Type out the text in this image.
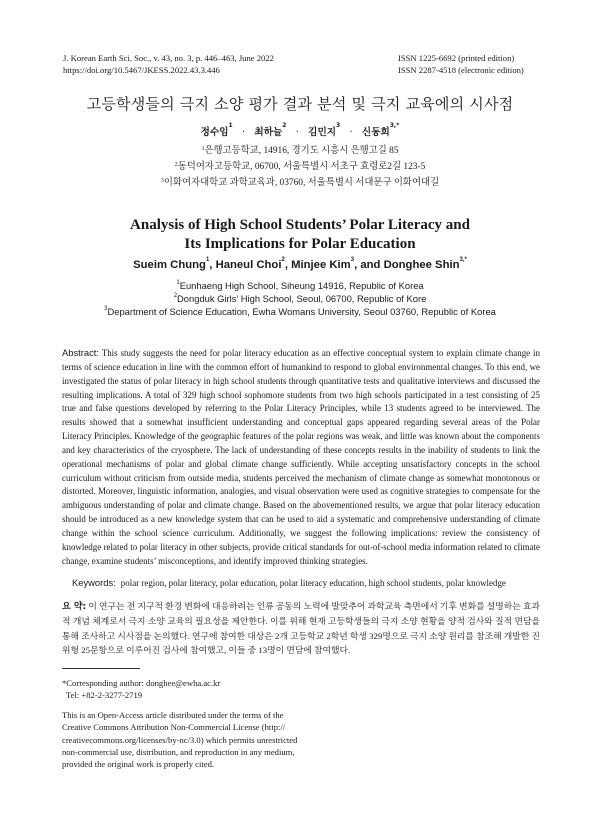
J. Korean Earth Sci. Soc., v. 43, no. 3, p. 446–463, June 2022
https://doi.org/10.5467/JKESS.2022.43.3.446
ISSN 1225-6692 (printed edition)
ISSN 2287-4518 (electronic edition)
고등학생들의 극지 소양 평가 결과 분석 및 극지 교육에의 시사점
정수임$^1$ · 최하늘$^2$ · 김민지$^3$ · 신동희$^{3,*}$
$^1$은행고등학교, 14916, 경기도 시흥시 은행고길 85
$^2$동덕여자고등학교, 06700, 서울특별시 서초구 효령로2길 123-5
$^3$이화여자대학교 과학교육과, 03760, 서울특별시 서대문구 이화여대길
Analysis of High School Students’ Polar Literacy and
Its Implications for Polar Education
Sueim Chung$^1$, Haneul Choi$^2$, Minjee Kim$^3$, and Donghee Shin$^{3,*}$
$^1$Eunhaeng High School, Siheung 14916, Republic of Korea
$^2$Dongduk Girls’ High School, Seoul, 06700, Republic of Kore
$^3$Department of Science Education, Ewha Womans University, Seoul 03760, Republic of Korea
Abstract: This study suggests the need for polar literacy education as an effective conceptual system to explain climate change in terms of science education in line with the common effort of humankind to respond to global environmental changes. To this end, we investigated the status of polar literacy in high school students through quantitative tests and qualitative interviews and discussed the resulting implications. A total of 329 high school sophomore students from two high schools participated in a test consisting of 25 true and false questions developed by referring to the Polar Literacy Principles, while 13 students agreed to be interviewed. The results showed that a somewhat insufficient understanding and conceptual gaps appeared regarding several areas of the Polar Literacy Principles. Knowledge of the geographic features of the polar regions was weak, and little was known about the components and key characteristics of the cryosphere. The lack of understanding of these concepts results in the inability of students to link the operational mechanisms of polar and global climate change sufficiently. While accepting unsatisfactory concepts in the school curriculum without criticism from outside media, students perceived the mechanism of climate change as somewhat monotonous or distorted. Moreover, linguistic information, analogies, and visual observation were used as cognitive strategies to compensate for the ambiguous understanding of polar and climate change. Based on the abovementioned results, we argue that polar literacy education should be introduced as a new knowledge system that can be used to aid a systematic and comprehensive understanding of climate change within the school science curriculum. Additionally, we suggest the following implications: review the consistency of knowledge related to polar literacy in other subjects, provide critical standards for out-of-school media information related to climate change, examine students’ misconceptions, and identify improved thinking strategies.
Keywords: polar region, polar literacy, polar education, polar literacy education, high school students, polar knowledge
요 약: 이 연구는 전 지구적 환경 변화에 대응하려는 인류 공동의 노력에 발맞추어 과학교육 측면에서 기후 변화를 설명하는 효과적 개념 체계로서 극지 소양 교육의 필요성을 제안한다. 이를 위해 현재 고등학생들의 극지 소양 현황을 양적 검사와 질적 면담을 통해 조사하고 시사점을 논의했다. 연구에 참여한 대상은 2개 고등학교 2학년 학생 329명으로 극지 소양 원리를 참조해 개발한 진위형 25문항으로 이루어진 검사에 참여했고, 이들 중 13명이 면담에 참여했다.
*Corresponding author: donghee@ewha.ac.kr
Tel: +82-2-3277-2719
This is an Open-Access article distributed under the terms of the
Creative Commons Attribution Non-Commercial License (http://
creativecommons.org/licenses/by-nc/3.0) which permits unrestricted
non-commercial use, distribution, and reproduction in any medium,
provided the original work is properly cited.
